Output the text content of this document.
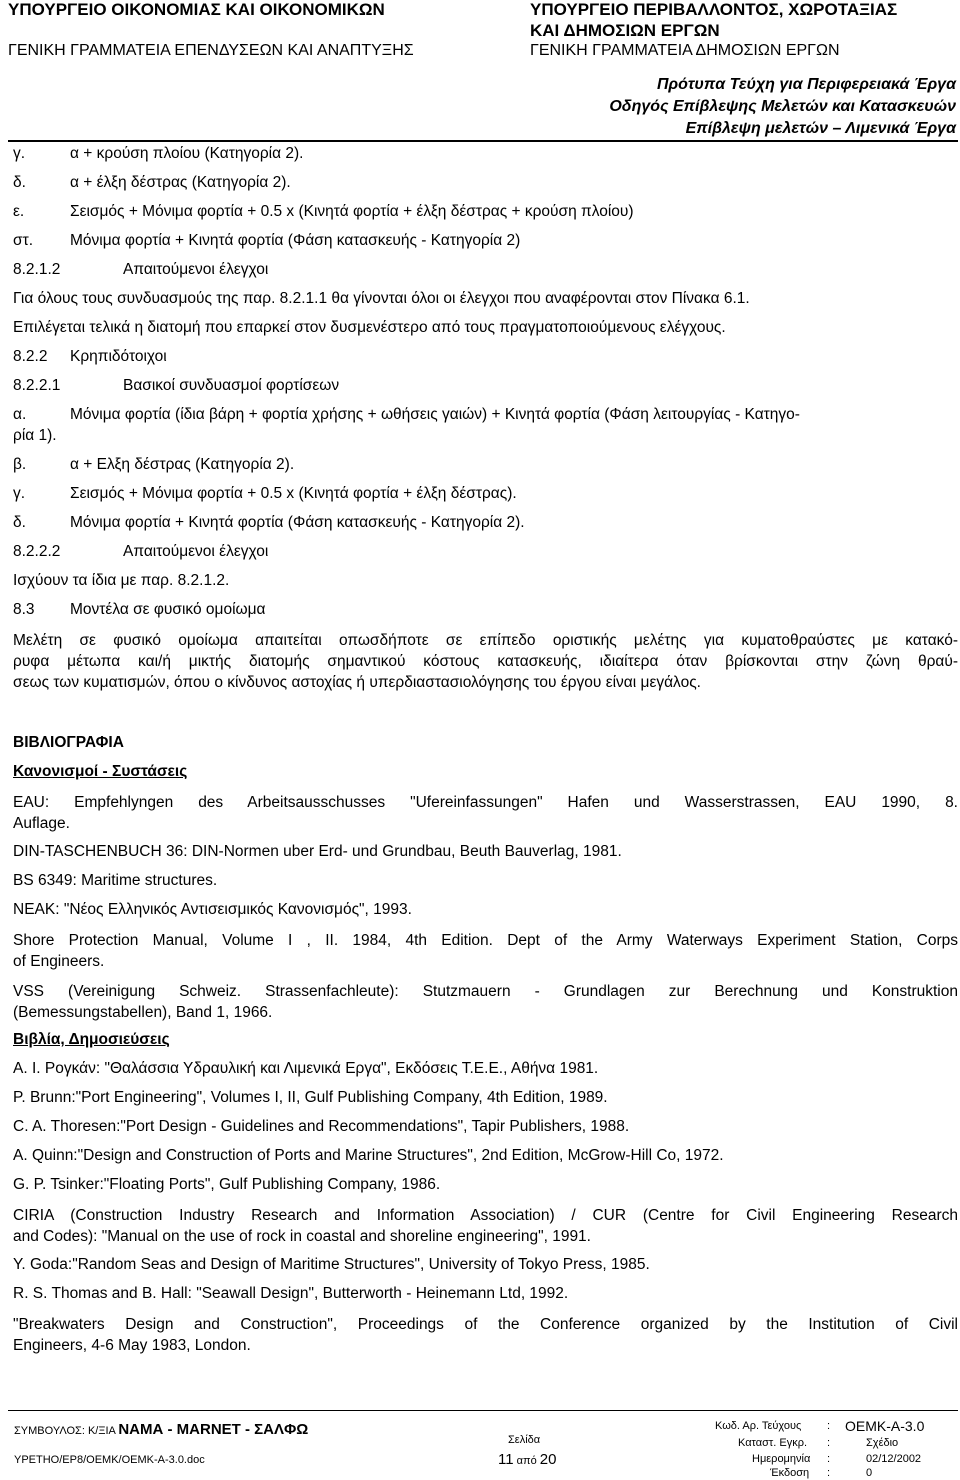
ΥΠΟΥΡΓΕΙΟ ΟΙΚΟΝΟΜΙΑΣ ΚΑΙ ΟΙΚΟΝΟΜΙΚΩΝ
ΓΕΝΙΚΗ ΓΡΑΜΜΑΤΕΙΑ ΕΠΕΝΔΥΣΕΩΝ ΚΑΙ ΑΝΑΠΤΥΞΗΣ
ΥΠΟΥΡΓΕΙΟ ΠΕΡΙΒΑΛΛΟΝΤΟΣ, ΧΩΡΟΤΑΞΙΑΣ
ΚΑΙ ΔΗΜΟΣΙΩΝ ΕΡΓΩΝ
ΓΕΝΙΚΗ ΓΡΑΜΜΑΤΕΙΑ ΔΗΜΟΣΙΩΝ ΕΡΓΩΝ
Πρότυπα Τεύχη για Περιφερειακά Έργα
Οδηγός Επίβλεψης Μελετών και Κατασκευών
Επίβλεψη μελετών – Λιμενικά Έργα
γ.	α + κρούση πλοίου (Κατηγορία 2).
δ.	α + έλξη δέστρας (Κατηγορία 2).
ε.	Σεισμός + Μόνιμα φορτία + 0.5 x (Κινητά φορτία + έλξη δέστρας + κρούση πλοίου)
στ. Μόνιμα φορτία + Κινητά φορτία (Φάση κατασκευής - Κατηγορία 2)
8.2.1.2	Απαιτούμενοι έλεγχοι
Για όλους τους συνδυασμούς της παρ. 8.2.1.1 θα γίνονται όλοι οι έλεγχοι που αναφέρονται στον Πίνακα 6.1.
Επιλέγεται τελικά η διατομή που επαρκεί στον δυσμενέστερο από τους πραγματοποιούμενους ελέγχους.
8.2.2 Κρηπιδότοιχοι
8.2.2.1	Βασικοί συνδυασμοί φορτίσεων
α.	Μόνιμα φορτία (ίδια βάρη + φορτία χρήσης + ωθήσεις γαιών) + Κινητά φορτία (Φάση λειτουργίας - Κατηγο-
ρία 1).
β.	α + Ελξη δέστρας (Κατηγορία 2).
γ.	Σεισμός + Μόνιμα φορτία + 0.5 x (Κινητά φορτία + έλξη δέστρας).
δ.	Μόνιμα φορτία + Κινητά φορτία (Φάση κατασκευής - Κατηγορία 2).
8.2.2.2	Απαιτούμενοι έλεγχοι
Ισχύουν τα ίδια με παρ. 8.2.1.2.
8.3 Μοντέλα σε φυσικό ομοίωμα
Μελέτη σε φυσικό ομοίωμα απαιτείται οπωσδήποτε σε επίπεδο οριστικής μελέτης για κυματοθραύστες με κατακό-
ρυφα μέτωπα και/ή μικτής διατομής σημαντικού κόστους κατασκευής, ιδιαίτερα όταν βρίσκονται στην ζώνη θραύ-
σεως των κυματισμών, όπου ο κίνδυνος αστοχίας ή υπερδιαστασιολόγησης του έργου είναι μεγάλος.
ΒΙΒΛΙΟΓΡΑΦΙΑ
Κανονισμοί - Συστάσεις
EAU: Empfehlyngen des Arbeitsausschusses "Ufereinfassungen" Hafen und Wasserstrassen, EAU 1990, 8.
Auflage.
DIN-TASCHENBUCH 36: DIN-Normen uber Erd- und Grundbau, Beuth Bauverlag, 1981.
BS 6349: Maritime structures.
ΝΕΑΚ: "Νέος Ελληνικός Αντισεισμικός Κανονισμός", 1993.
Shore Protection Manual, Volume I , II. 1984, 4th Edition. Dept of the Army Waterways Experiment Station, Corps
of Engineers.
VSS (Vereinigung Schweiz. Strassenfachleute): Stutzmauern - Grundlagen zur Berechnung und Konstruktion
(Bemessungstabellen), Band 1, 1966.
Βιβλία, Δημοσιεύσεις
Α. Ι. Ρογκάν: "Θαλάσσια Υδραυλική και Λιμενικά Εργα", Εκδόσεις Τ.Ε.Ε., Αθήνα 1981.
P. Brunn:"Port Engineering", Volumes I, II, Gulf Publishing Company, 4th Edition, 1989.
C. A. Thoresen:"Port Design - Guidelines and Recommendations", Tapir Publishers, 1988.
A. Quinn:"Design and Construction of Ports and Marine Structures", 2nd Edition, McGrow-Hill Co, 1972.
G. P. Tsinker:"Floating Ports", Gulf Publishing Company, 1986.
CIRIA (Construction Industry Research and Information Association) / CUR (Centre for Civil Engineering Research
and Codes): "Manual on the use of rock in coastal and shoreline engineering", 1991.
Y. Goda:"Random Seas and Design of Maritime Structures", University of Tokyo Press, 1985.
R. S. Thomas and B. Hall: "Seawall Design", Butterworth - Heinemann Ltd, 1992.
"Breakwaters Design and Construction", Proceedings of the Conference organized by the Institution of Civil
Engineers, 4-6 May 1983, London.
ΣΥΜΒΟΥΛΟΣ: Κ/ΞΙΑ ΝΑΜΑ - MARNET - ΣΑΛΦΩ
ΥΡΕΤΗΟ/ΕΡ8/ΟΕΜΚ/ΟΕΜΚ-Α-3.0.doc
Σελίδα
11 από 20
Κωδ. Αρ. Τεύχους : ΟΕΜΚ-Α-3.0
Καταστ. Εγκρ. :	Σχέδιο
Ημερομηνία :	02/12/2002
Έκδοση :	0
